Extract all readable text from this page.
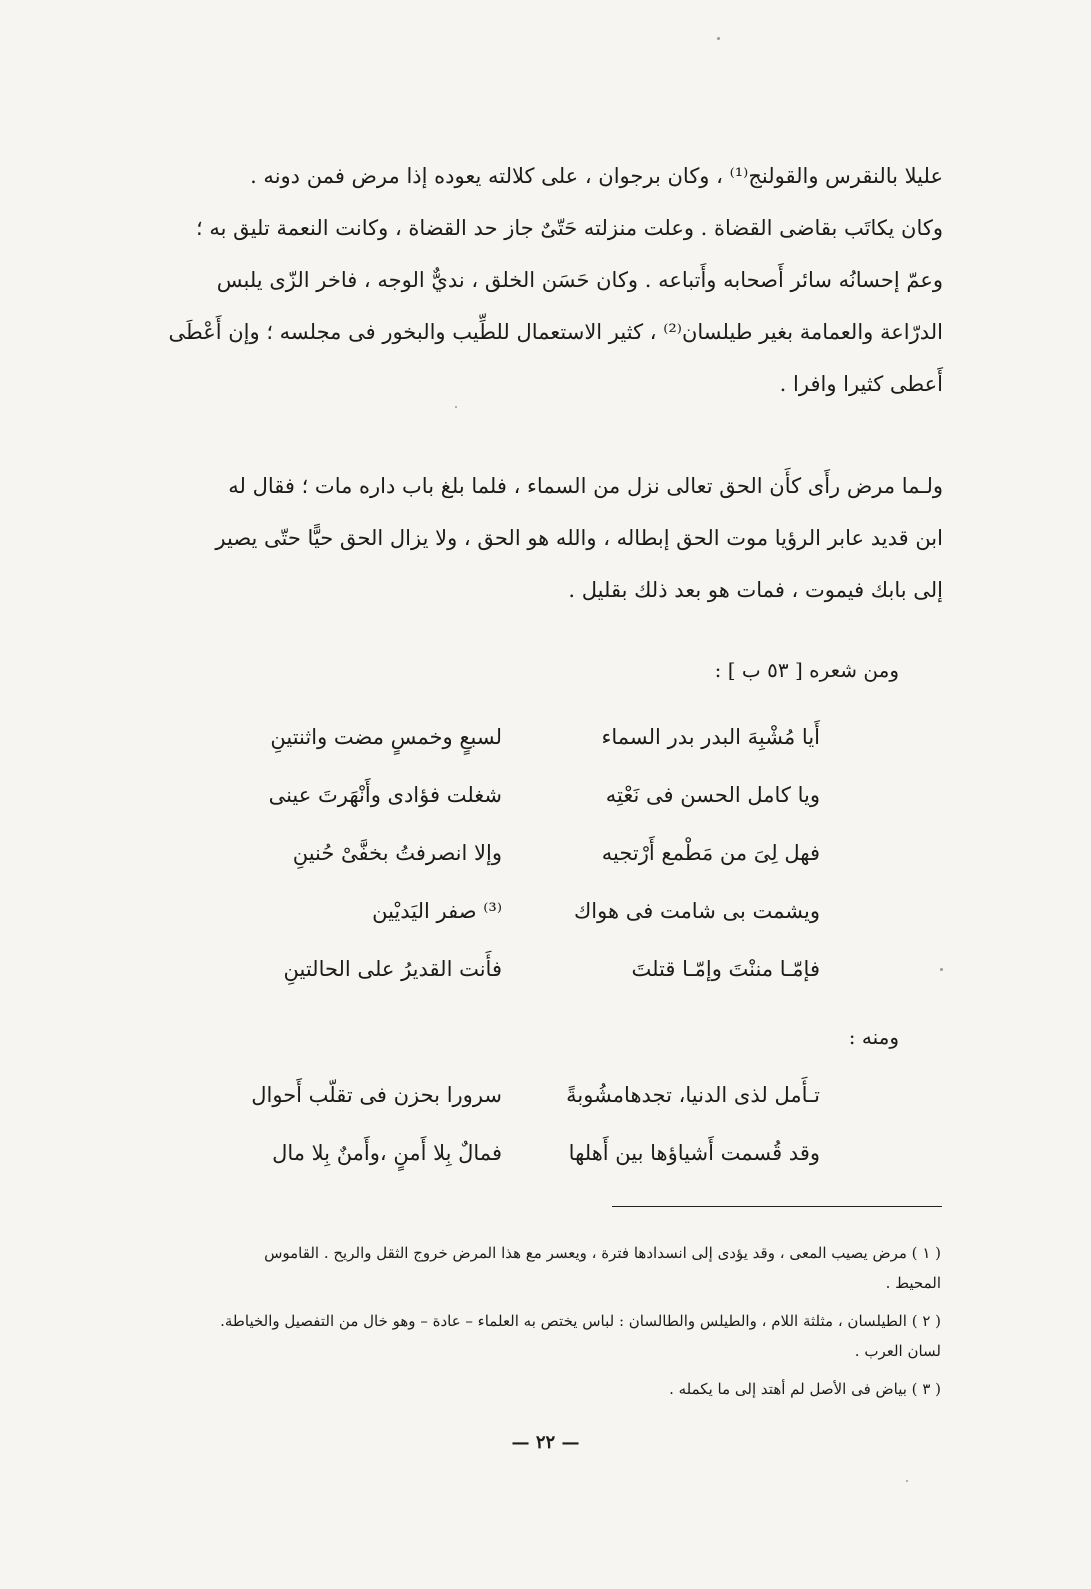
عليلا بالنقرس والقولنج⁽¹⁾ ، وكان برجوان ، على كلالته يعوده إذا مرض فمن دونه .
وكان يكاتَب بقاضى القضاة . وعلت منزلته حَتّىٌ جاز حد القضاة ، وكانت النعمة تليق به ؛
وعمّ إحسانُه سائر أَصحابه وأَتباعه . وكان حَسَن الخلق ، نديٌّ الوجه ، فاخر الزّى يلبس
الدرّاعة والعمامة بغير طيلسان⁽²⁾ ، كثير الاستعمال للطِّيب والبخور فى مجلسه ؛ وإن أَعْطَى
أَعطى كثيرا وافرا .
ولـما مرض رأَى كأَن الحق تعالى نزل من السماء ، فلما بلغ باب داره مات ؛ فقال له
ابن قديد عابر الرؤيا موت الحق إبطاله ، والله هو الحق ، ولا يزال الحق حيًّا حتّى يصير
إلى بابك فيموت ، فمات هو بعد ذلك بقليل .
ومن شعره [ ٥٣ ب ] :
أَيا مُشْبِهَ البدر بدر السماء
لسبعٍ وخمسٍ مضت واثنتينِ
ويا كامل الحسن فى نَعْتِه
شغلت فؤادى وأَنْهَرتَ عينى
فهل لِىَ من مَطْمع أَرْتجيه
وإلا انصرفتُ بخفَّىْ حُنينِ
ويشمت بى شامت فى هواك
⁽³⁾ صفر اليَديْين
فإمّـا مننْتَ وإمّـا قتلتَ
فأَنت القديرُ على الحالتينِ
ومنه :
تـأَمل لذى الدنيا، تجدهامشُوبةً
سرورا بحزن فى تقلّب أَحوال
وقد قُسمت أَشياؤها بين أَهلها
فمالٌ بِلا أَمنٍ ،وأَمنٌ بِلا مال
( ١ ) مرض يصيب المعى ، وقد يؤدى إلى انسدادها فترة ، ويعسر مع هذا المرض خروج الثقل والريح . القاموس
المحيط .
( ٢ ) الطيلسان ، مثلثة اللام ، والطيلس والطالسان : لباس يختص به العلماء – عادة – وهو خال من التفصيل والخياطة.
لسان العرب .
( ٣ ) بياض فى الأصل لم أهتد إلى ما يكمله .
— ٢٢ —
